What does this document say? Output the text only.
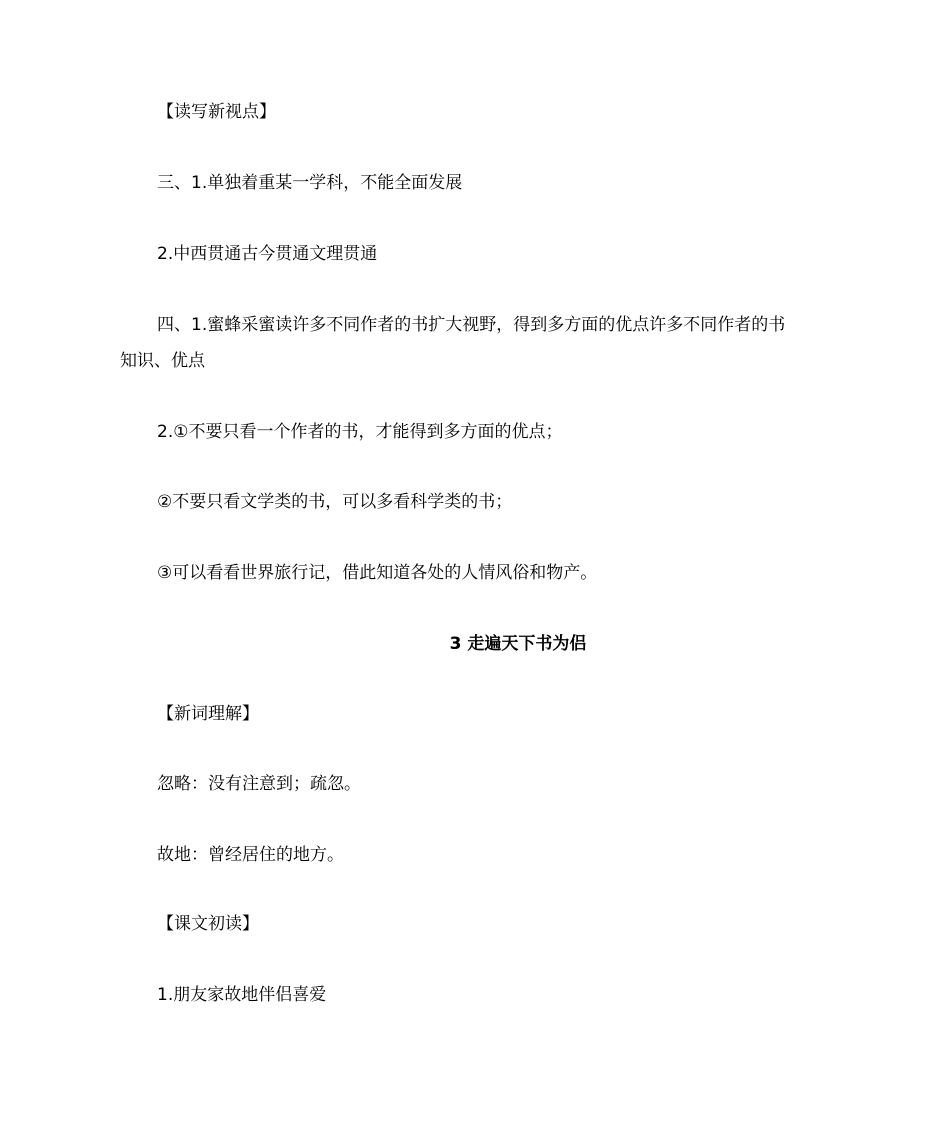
【读写新视点】
三、1.单独着重某一学科，不能全面发展
2.中西贯通古今贯通文理贯通
四、1.蜜蜂采蜜读许多不同作者的书扩大视野，得到多方面的优点许多不同作者的书
知识、优点
2.①不要只看一个作者的书，才能得到多方面的优点；
②不要只看文学类的书，可以多看科学类的书；
③可以看看世界旅行记，借此知道各处的人情风俗和物产。
3 走遍天下书为侣
【新词理解】
忽略：没有注意到；疏忽。
故地：曾经居住的地方。
【课文初读】
1.朋友家故地伴侣喜爱
